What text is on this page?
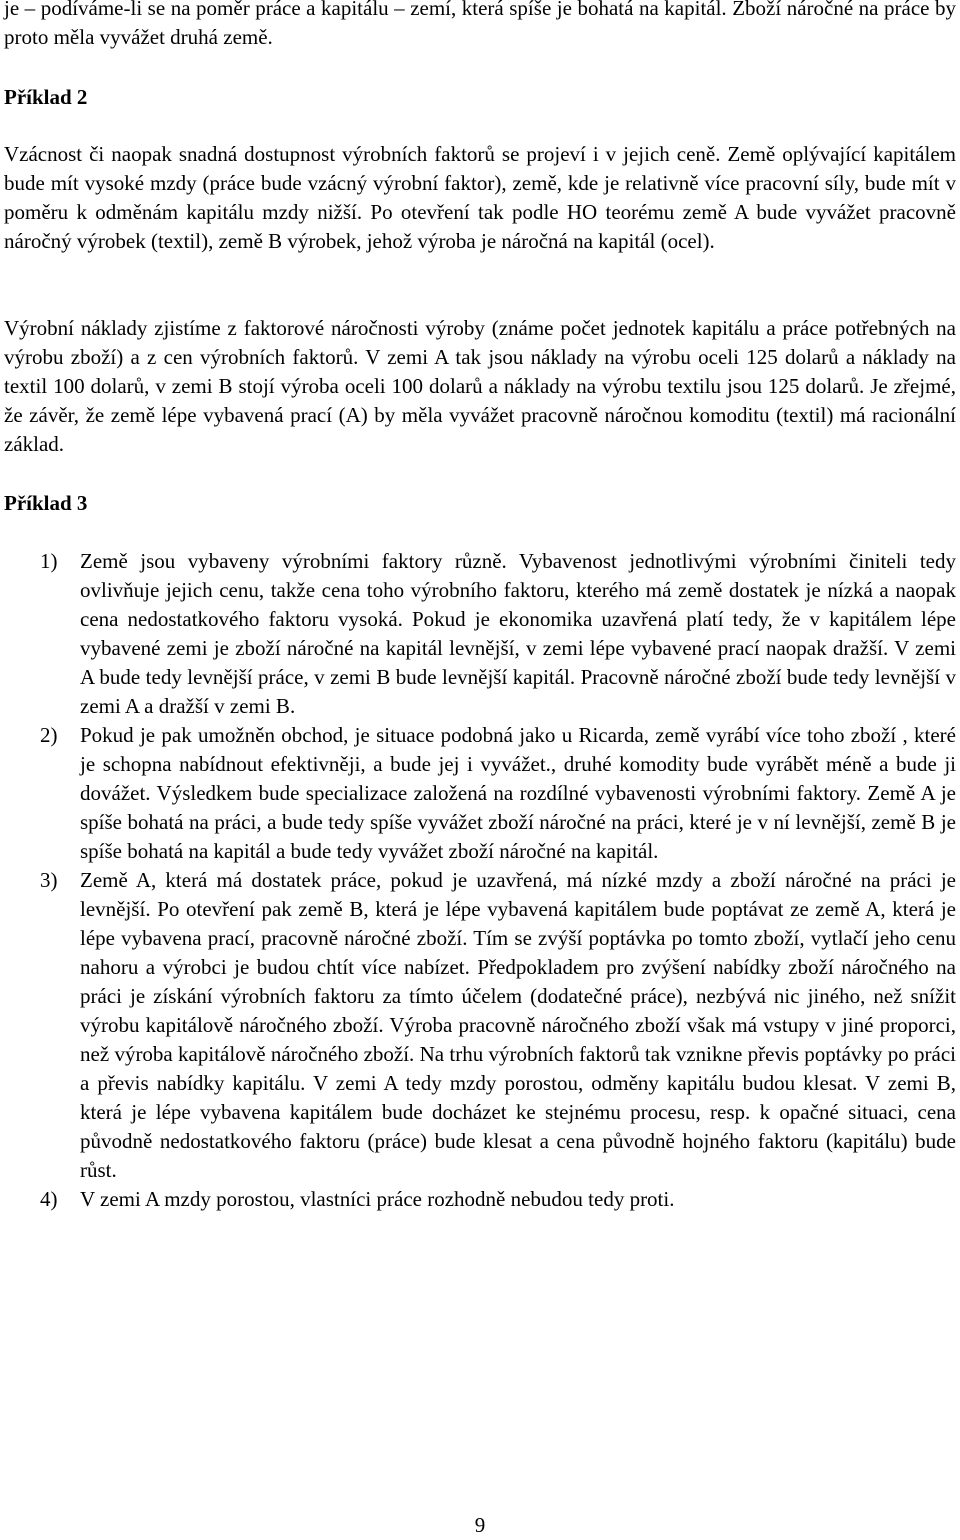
je – podíváme-li se na poměr práce a kapitálu – zemí, která spíše je bohatá na kapitál. Zboží náročné na práce by proto měla vyvážet druhá země.

Příklad 2

Vzácnost či naopak snadná dostupnost výrobních faktorů se projeví i v jejich ceně. Země oplývající kapitálem bude mít vysoké mzdy (práce bude vzácný výrobní faktor), země, kde je relativně více pracovní síly, bude mít v poměru k odměnám kapitálu mzdy nižší. Po otevření tak podle HO teorému země A bude vyvážet pracovně náročný výrobek (textil), země B výrobek, jehož výroba je náročná na kapitál (ocel).

Výrobní náklady zjistíme z faktorové náročnosti výroby (známe počet jednotek kapitálu a práce potřebných na výrobu zboží) a z cen výrobních faktorů. V zemi A tak jsou náklady na výrobu oceli 125 dolarů a náklady na textil 100 dolarů, v zemi B stojí výroba oceli 100 dolarů a náklady na výrobu textilu jsou 125 dolarů. Je zřejmé, že závěr, že země lépe vybavená prací (A) by měla vyvážet pracovně náročnou komoditu (textil) má racionální základ.

Příklad 3

1) Země jsou vybaveny výrobními faktory různě. Vybavenost jednotlivými výrobními činiteli tedy ovlivňuje jejich cenu, takže cena toho výrobního faktoru, kterého má země dostatek je nízká a naopak cena nedostatkového faktoru vysoká. Pokud je ekonomika uzavřená platí tedy, že v kapitálem lépe vybavené zemi je zboží náročné na kapitál levnější, v zemi lépe vybavené prací naopak dražší. V zemi A bude tedy levnější práce, v zemi B bude levnější kapitál. Pracovně náročné zboží bude tedy levnější v zemi A a dražší v zemi B.
2) Pokud je pak umožněn obchod, je situace podobná jako u Ricarda, země vyrábí více toho zboží , které je schopna nabídnout efektivněji, a bude jej i vyvážet., druhé komodity bude vyrábět méně a bude ji dovážet. Výsledkem bude specializace založená na rozdílné vybavenosti výrobními faktory. Země A je spíše bohatá na práci, a bude tedy spíše vyvážet zboží náročné na práci, které je v ní levnější, země B je spíše bohatá na kapitál a bude tedy vyvážet zboží náročné na kapitál.
3) Země A, která má dostatek práce, pokud je uzavřená, má nízké mzdy a zboží náročné na práci je levnější. Po otevření pak země B, která je lépe vybavená kapitálem bude poptávat ze země A, která je lépe vybavena prací, pracovně náročné zboží. Tím se zvýší poptávka po tomto zboží, vytlačí jeho cenu nahoru a výrobci je budou chtít více nabízet. Předpokladem pro zvýšení nabídky zboží náročného na práci je získání výrobních faktoru za tímto účelem (dodatečné práce), nezbývá nic jiného, než snížit výrobu kapitálově náročného zboží. Výroba pracovně náročného zboží však má vstupy v jiné proporci, než výroba kapitálově náročného zboží. Na trhu výrobních faktorů tak vznikne převis poptávky po práci a převis nabídky kapitálu. V zemi A tedy mzdy porostou, odměny kapitálu budou klesat. V zemi B, která je lépe vybavena kapitálem bude docházet ke stejnému procesu, resp. k opačné situaci, cena původně nedostatkového faktoru (práce) bude klesat a cena původně hojného faktoru (kapitálu) bude růst.
4) V zemi A mzdy porostou, vlastníci práce rozhodně nebudou tedy proti.
9
